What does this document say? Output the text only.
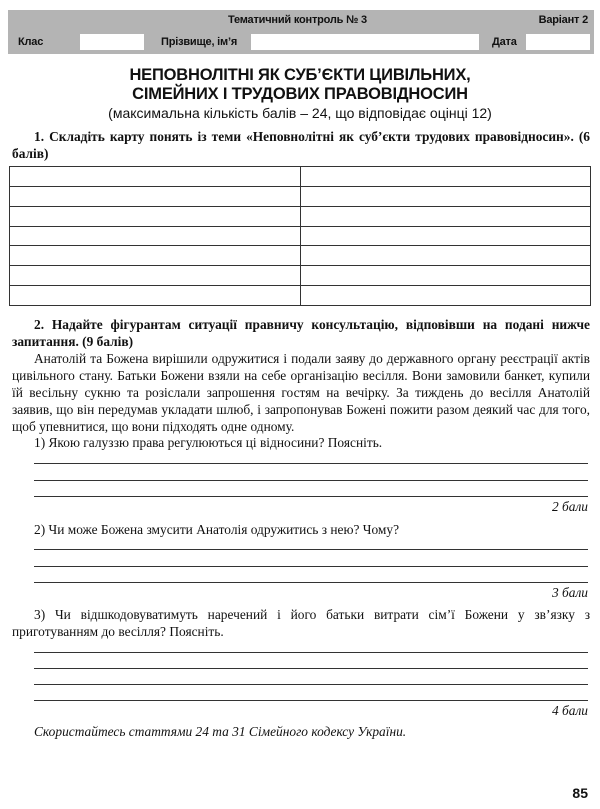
Тематичний контроль № 3	Варіант 2
Клас	Прізвище, ім’я	Дата
НЕПОВНОЛІТНІ ЯК СУБ’ЄКТИ ЦИВІЛЬНИХ,
СІМЕЙНИХ І ТРУДОВИХ ПРАВОВІДНОСИН
(максимальна кількість балів – 24, що відповідає оцінці 12)
1. Складіть карту понять із теми «Неповнолітні як суб’єкти трудових правовідносин». (6 балів)

2. Надайте фігурантам ситуації правничу консультацію, відповівши на подані нижче запитання. (9 балів)
Анатолій та Божена вирішили одружитися і подали заяву до державного органу реєстрації актів цивільного стану. Батьки Божени взяли на себе організацію весілля. Вони замовили банкет, купили їй весільну сукню та розіслали запрошення гостям на вечірку. За тиждень до весілля Анатолій заявив, що він передумав укладати шлюб, і запропонував Божені пожити разом деякий час для того, щоб упевнитися, що вони підходять одне одному.
1) Якою галуззю права регулюються ці відносини? Поясніть.
2 бали
2) Чи може Божена змусити Анатолія одружитись з нею? Чому?
3 бали
3) Чи відшкодовуватимуть наречений і його батьки витрати сім’ї Божени у зв’язку з приготуванням до весілля? Поясніть.
4 бали
Скористайтесь статтями 24 та 31 Сімейного кодексу України.
85
